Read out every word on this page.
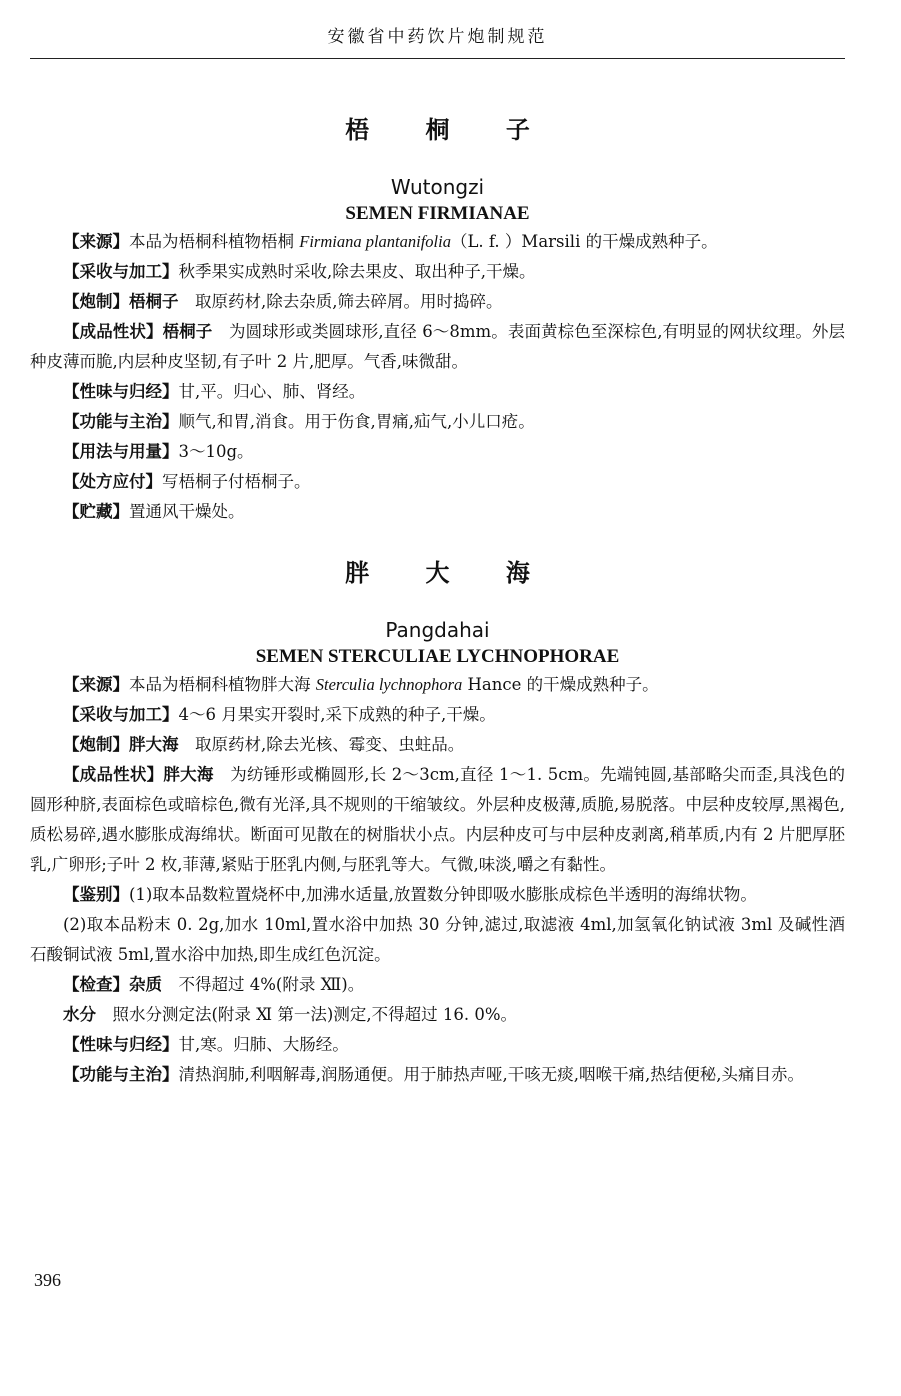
安徽省中药饮片炮制规范
梧 桐 子
Wutongzi
SEMEN FIRMIANAE
【来源】本品为梧桐科植物梧桐 Firmiana plantanifolia（L. f. ）Marsili 的干燥成熟种子。
【采收与加工】秋季果实成熟时采收,除去果皮、取出种子,干燥。
【炮制】梧桐子　取原药材,除去杂质,筛去碎屑。用时捣碎。
【成品性状】梧桐子　为圆球形或类圆球形,直径 6～8mm。表面黄棕色至深棕色,有明显的网状纹理。外层种皮薄而脆,内层种皮坚韧,有子叶 2 片,肥厚。气香,味微甜。
【性味与归经】甘,平。归心、肺、肾经。
【功能与主治】顺气,和胃,消食。用于伤食,胃痛,疝气,小儿口疮。
【用法与用量】3～10g。
【处方应付】写梧桐子付梧桐子。
【贮藏】置通风干燥处。
胖 大 海
Pangdahai
SEMEN STERCULIAE LYCHNOPHORAE
【来源】本品为梧桐科植物胖大海 Sterculia lychnophora Hance 的干燥成熟种子。
【采收与加工】4～6 月果实开裂时,采下成熟的种子,干燥。
【炮制】胖大海　取原药材,除去光核、霉变、虫蛀品。
【成品性状】胖大海　为纺锤形或椭圆形,长 2～3cm,直径 1～1. 5cm。先端钝圆,基部略尖而歪,具浅色的圆形种脐,表面棕色或暗棕色,微有光泽,具不规则的干缩皱纹。外层种皮极薄,质脆,易脱落。中层种皮较厚,黑褐色,质松易碎,遇水膨胀成海绵状。断面可见散在的树脂状小点。内层种皮可与中层种皮剥离,稍革质,内有 2 片肥厚胚乳,广卵形;子叶 2 枚,菲薄,紧贴于胚乳内侧,与胚乳等大。气微,味淡,嚼之有黏性。
【鉴别】(1)取本品数粒置烧杯中,加沸水适量,放置数分钟即吸水膨胀成棕色半透明的海绵状物。
(2)取本品粉末 0. 2g,加水 10ml,置水浴中加热 30 分钟,滤过,取滤液 4ml,加氢氧化钠试液 3ml 及碱性酒石酸铜试液 5ml,置水浴中加热,即生成红色沉淀。
【检查】杂质　不得超过 4%(附录 Ⅻ)。
水分　照水分测定法(附录 Ⅺ 第一法)测定,不得超过 16. 0%。
【性味与归经】甘,寒。归肺、大肠经。
【功能与主治】清热润肺,利咽解毒,润肠通便。用于肺热声哑,干咳无痰,咽喉干痛,热结便秘,头痛目赤。
396
